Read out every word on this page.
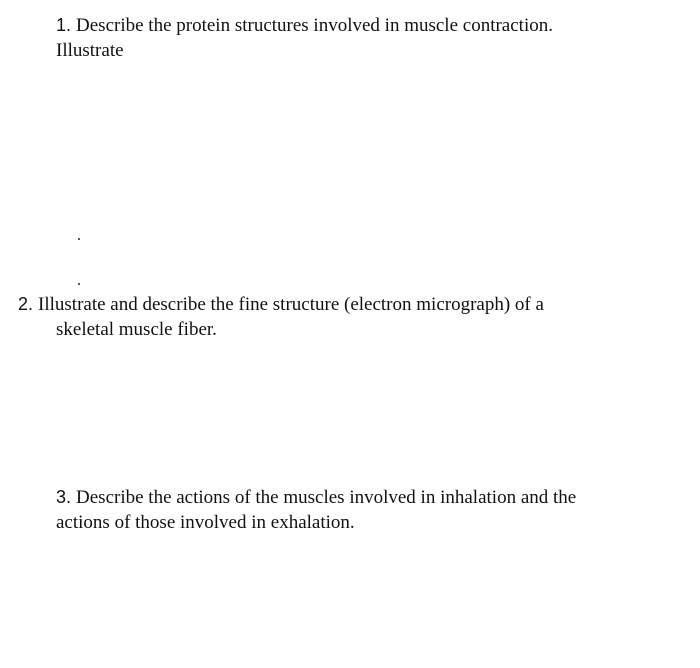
1. Describe the protein structures involved in muscle contraction.
Illustrate
2. Illustrate and describe the fine structure (electron micrograph) of a
skeletal muscle fiber.
3. Describe the actions of the muscles involved in inhalation and the
actions of those involved in exhalation.
